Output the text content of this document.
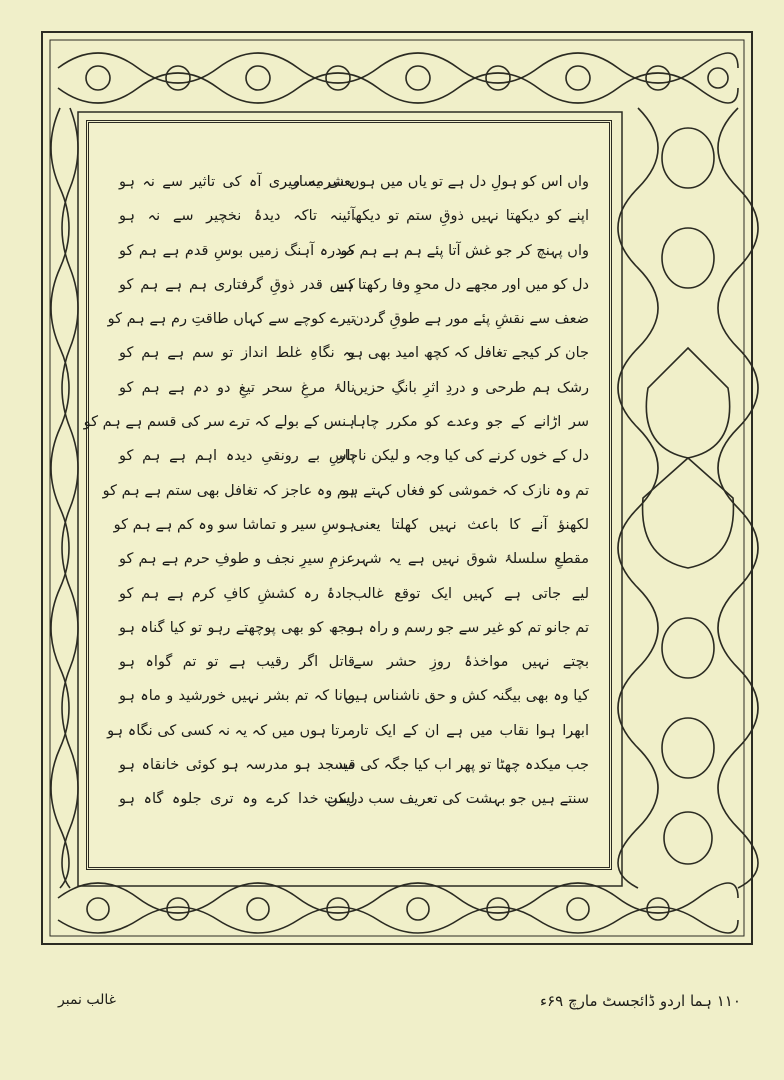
واں اس کو ہولِ دل ہے تو یاں میں ہوں شرمسار
اپنے کو دیکھتا نہیں ذوقِ ستم تو دیکھ
واں پہنچ کر جو غش آتا پئے ہم ہے ہم کو
دل کو میں اور مجھے دل محوِ وفا رکھتا ہے
ضعف سے نقشِ پئے مور ہے طوقِ گردن
جان کر کیجے تغافل کہ کچھ امید بھی ہو
رشک ہم طرحی و دردِ اثرِ بانگِ حزیں
سر اڑانے کے جو وعدے کو مکرر چاہا
دل کے خوں کرنے کی کیا وجہ و لیکن ناچار
تم وہ نازک کہ خموشی کو فغاں کہتے ہو
لکھنؤ آنے کا باعث نہیں کھلتا یعنی
مقطعِ سلسلۂ شوق نہیں ہے یہ شہر
لیے جاتی ہے کہیں ایک توقع غالب
تم جانو تم کو غیر سے جو رسم و راہ ہو
بچتے نہیں مواخذۂ روزِ حشر سے
کیا وہ بھی بیگنہ کش و حق ناشناس ہیں
ابھرا ہوا نقاب میں ہے ان کے ایک تار
جب میکدہ چھٹا تو پھر اب کیا جگہ کی قید
سنتے ہیں جو بہشت کی تعریف سب درست
یعنی یہ میری آہ کی تاثیر سے نہ ہو
آئینہ تاکہ دیدۂ نخچیر سے نہ ہو
صدرہ آہنگ زمیں بوسِ قدم ہے ہم کو
کس قدر ذوقِ گرفتاری ہم ہے ہم کو
تیرے کوچے سے کہاں طاقتِ رم ہے ہم کو
یہ نگاہِ غلط انداز تو سم ہے ہم کو
نالۂ مرغِ سحر تیغِ دو دم ہے ہم کو
ہنس کے بولے کہ ترے سر کی قسم ہے ہم کو
پاسِ بے رونقیِ دیدہ اہم ہے ہم کو
ہم وہ عاجز کہ تغافل بھی ستم ہے ہم کو
ہوسِ سیر و تماشا سو وہ کم ہے ہم کو
عزمِ سیرِ نجف و طوفِ حرم ہے ہم کو
جادۂ رہ کششِ کافِ کرم ہے ہم کو
مجھ کو بھی پوچھتے رہو تو کیا گناہ ہو
قاتل اگر رقیب ہے تو تم گواہ ہو
مانا کہ تم بشر نہیں خورشید و ماہ ہو
مرتا ہوں میں کہ یہ نہ کسی کی نگاہ ہو
مسجد ہو مدرسہ ہو کوئی خانقاہ ہو
لیکن خدا کرے وہ تری جلوہ گاہ ہو
۱۱۰ ہما اردو ڈائجسٹ مارچ ۶۹ء
غالب نمبر
